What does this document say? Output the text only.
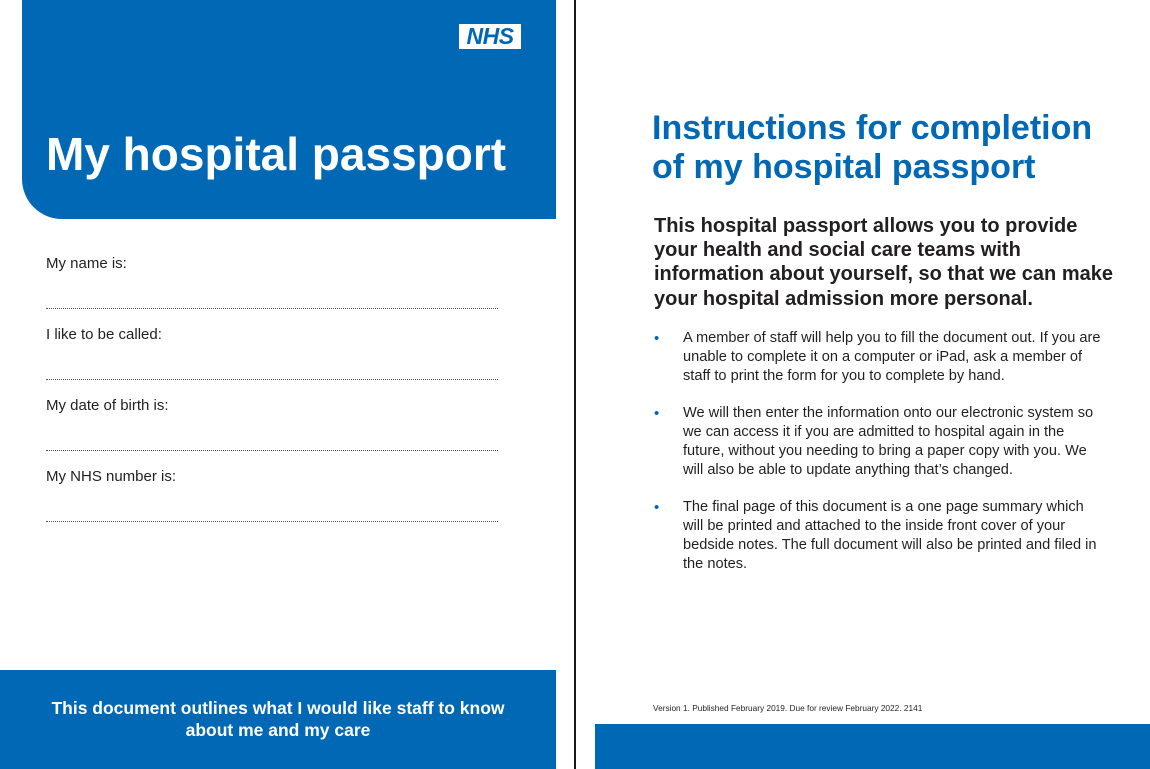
NHS
University Hospital
Southampton
NHS Foundation Trust
My hospital passport
My name is:
I like to be called:
My date of birth is:
My NHS number is:
This document outlines what I would like staff to know about me and my care
Instructions for completion of my hospital passport
This hospital passport allows you to provide your health and social care teams with information about yourself, so that we can make your hospital admission more personal.
• A member of staff will help you to fill the document out. If you are unable to complete it on a computer or iPad, ask a member of staff to print the form for you to complete by hand.
• We will then enter the information onto our electronic system so we can access it if you are admitted to hospital again in the future, without you needing to bring a paper copy with you. We will also be able to update anything that’s changed.
• The final page of this document is a one page summary which will be printed and attached to the inside front cover of your bedside notes. The full document will also be printed and filed in the notes.
Version 1. Published February 2019. Due for review February 2022. 2141
